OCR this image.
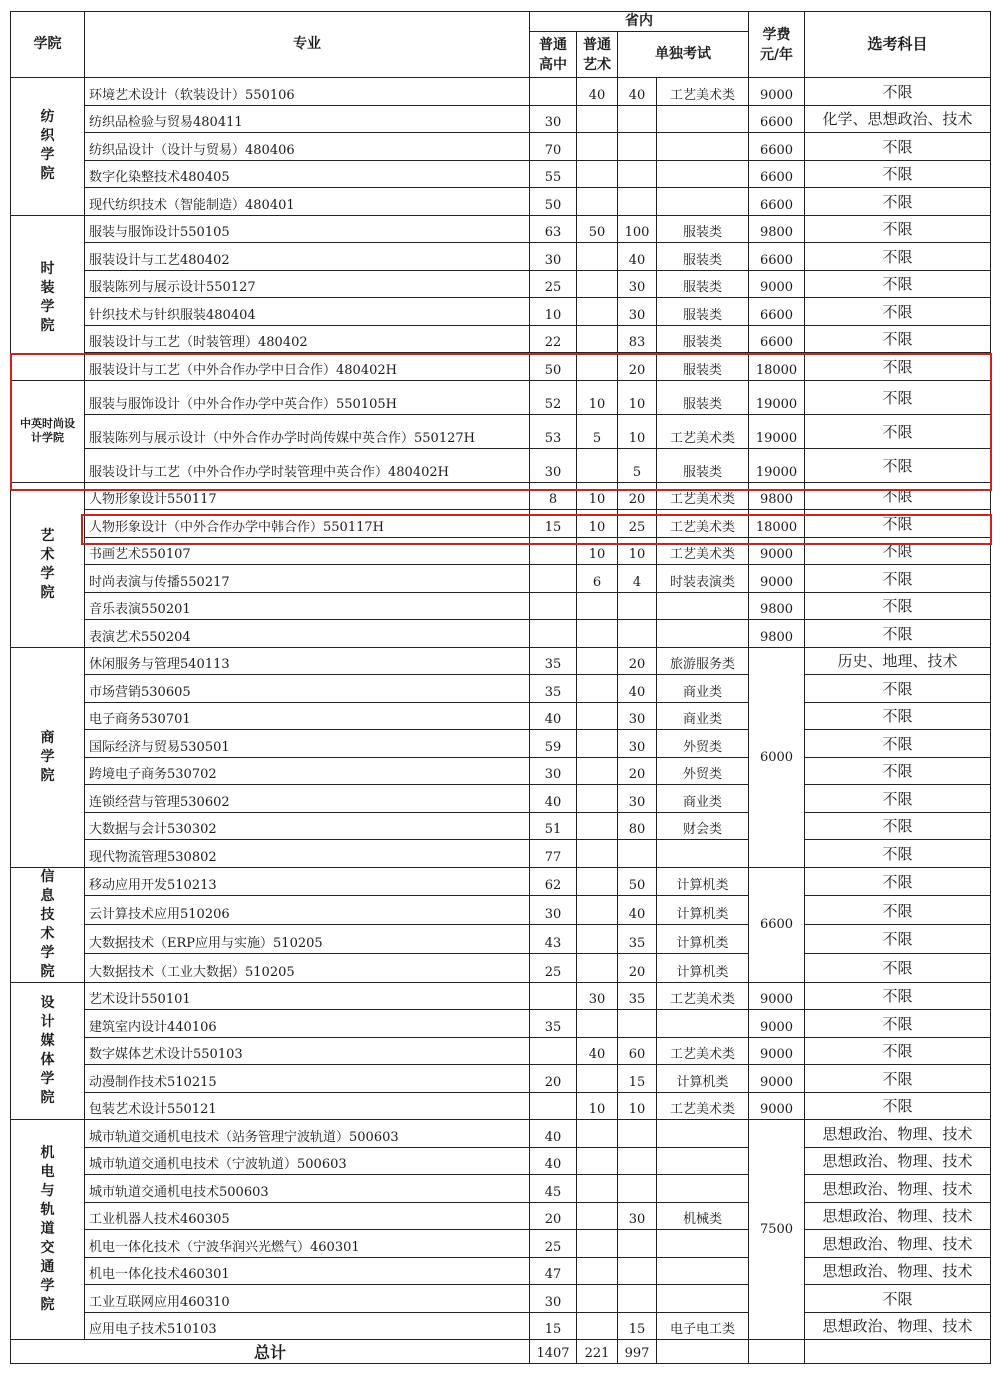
学院	专业	省内				学费元/年	选考科目
		普通高中	普通艺术	单独考试			
纺织学院	环境艺术设计（软装设计）550106		40	40	工艺美术类	9000	不限
	纺织品检验与贸易480411	30				6600	化学、思想政治、技术
	纺织品设计（设计与贸易）480406	70				6600	不限
	数字化染整技术480405	55				6600	不限
	现代纺织技术（智能制造）480401	50				6600	不限
时装学院	服装与服饰设计550105	63	50	100	服装类	9800	不限
	服装设计与工艺480402	30		40	服装类	6600	不限
	服装陈列与展示设计550127	25		30	服装类	9000	不限
	针织技术与针织服装480404	10		30	服装类	6600	不限
	服装设计与工艺（时装管理）480402	22		83	服装类	6600	不限
	服装设计与工艺（中外合作办学中日合作）480402H	50		20	服装类	18000	不限
中英时尚设计学院	服装与服饰设计（中外合作办学中英合作）550105H	52	10	10	服装类	19000	不限
	服装陈列与展示设计（中外合作办学时尚传媒中英合作）550127H	53	5	10	工艺美术类	19000	不限
	服装设计与工艺（中外合作办学时装管理中英合作）480402H	30		5	服装类	19000	不限
艺术学院	人物形象设计550117	8	10	20	工艺美术类	9800	不限
	人物形象设计（中外合作办学中韩合作）550117H	15	10	25	工艺美术类	18000	不限
	书画艺术550107		10	10	工艺美术类	9000	不限
	时尚表演与传播550217		6	4	时装表演类	9000	不限
	音乐表演550201					9800	不限
	表演艺术550204					9800	不限
商学院	休闲服务与管理540113	35		20	旅游服务类	6000	历史、地理、技术
	市场营销530605	35		40	商业类		不限
	电子商务530701	40		30	商业类		不限
	国际经济与贸易530501	59		30	外贸类		不限
	跨境电子商务530702	30		20	外贸类		不限
	连锁经营与管理530602	40		30	商业类		不限
	大数据与会计530302	51		80	财会类		不限
	现代物流管理530802	77					不限
信息技术学院	移动应用开发510213	62		50	计算机类	6600	不限
	云计算技术应用510206	30		40	计算机类		不限
	大数据技术（ERP应用与实施）510205	43		35	计算机类		不限
	大数据技术（工业大数据）510205	25		20	计算机类		不限
设计媒体学院	艺术设计550101		30	35	工艺美术类	9000	不限
	建筑室内设计440106	35				9000	不限
	数字媒体艺术设计550103		40	60	工艺美术类	9000	不限
	动漫制作技术510215	20		15	计算机类	9000	不限
	包装艺术设计550121		10	10	工艺美术类	9000	不限
机电与轨道交通学院	城市轨道交通机电技术（站务管理宁波轨道）500603	40				7500	思想政治、物理、技术
	城市轨道交通机电技术（宁波轨道）500603	40					思想政治、物理、技术
	城市轨道交通机电技术500603	45					思想政治、物理、技术
	工业机器人技术460305	20		30	机械类		思想政治、物理、技术
	机电一体化技术（宁波华润兴光燃气）460301	25					思想政治、物理、技术
	机电一体化技术460301	47					思想政治、物理、技术
	工业互联网应用460310	30					不限
	应用电子技术510103	15		15	电子电工类		思想政治、物理、技术
总计		1407	221	997			
